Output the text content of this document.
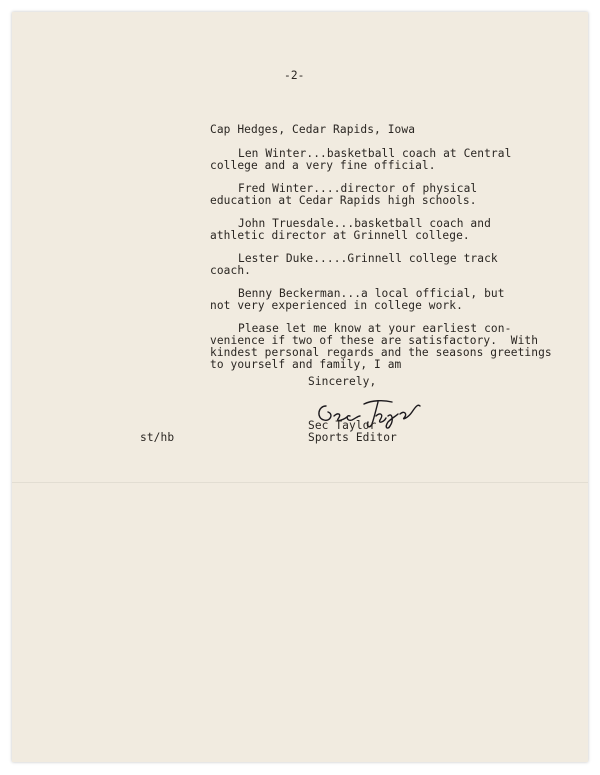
-2-
Cap Hedges, Cedar Rapids, Iowa
Len Winter...basketball coach at Central
college and a very fine official.
Fred Winter....director of physical
education at Cedar Rapids high schools.
John Truesdale...basketball coach and
athletic director at Grinnell college.
Lester Duke.....Grinnell college track
coach.
Benny Beckerman...a local official, but
not very experienced in college work.
Please let me know at your earliest con-
venience if two of these are satisfactory.  With
kindest personal regards and the seasons greetings
to yourself and family, I am
Sincerely,
Sec Taylor
Sports Editor
st/hb
